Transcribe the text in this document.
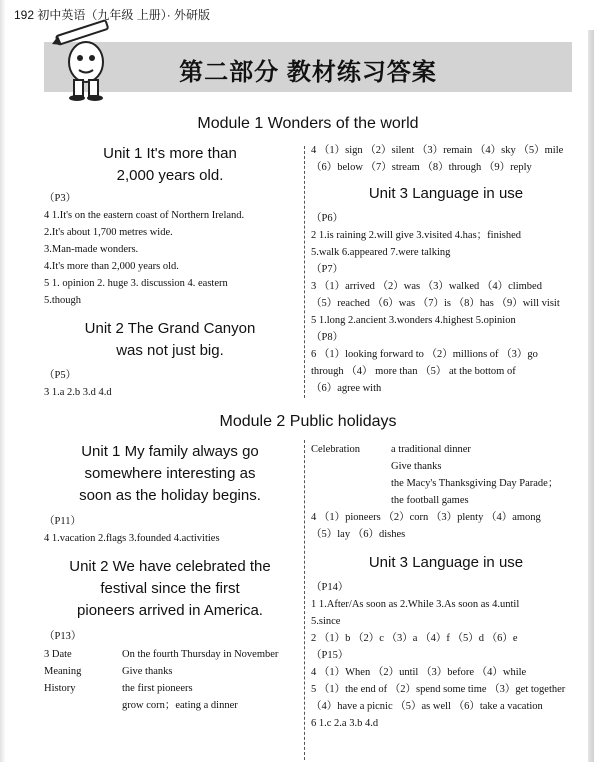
192 初中英语（九年级 上册）· 外研版
第二部分 教材练习答案
Module 1 Wonders of the world
Unit 1 It's more than
2,000 years old.
（P3）
4 1.It's on the eastern coast of Northern Ireland.
2.It's about 1,700 metres wide.
3.Man-made wonders.
4.It's more than 2,000 years old.
5 1. opinion 2. huge 3. discussion 4. eastern
5.though
Unit 2 The Grand Canyon
was not just big.
（P5）
3 1.a 2.b 3.d 4.d
4 （1）sign （2）silent （3）remain （4）sky （5）mile
（6）below （7）stream （8）through （9）reply
Unit 3 Language in use
（P6）
2 1.is raining 2.will give 3.visited 4.has；finished
5.walk 6.appeared 7.were talking
（P7）
3 （1）arrived （2）was （3）walked （4）climbed
（5）reached （6）was （7）is （8）has （9）will visit
5 1.long 2.ancient 3.wonders 4.highest 5.opinion
（P8）
6 （1）looking forward to （2）millions of （3）go
through （4） more than （5） at the bottom of
（6）agree with
Module 2 Public holidays
Unit 1 My family always go
somewhere interesting as
soon as the holiday begins.
（P11）
4 1.vacation 2.flags 3.founded 4.activities
Unit 2 We have celebrated the
festival since the first
pioneers arrived in America.
（P13）
3 Date	On the fourth Thursday in November
Meaning	Give thanks
History	the first pioneers
grow corn；eating a dinner
Celebration	a traditional dinner
Give thanks
the Macy's Thanksgiving Day Parade；
the football games
4 （1）pioneers （2）corn （3）plenty （4）among
（5）lay （6）dishes
Unit 3 Language in use
（P14）
1 1.After/As soon as 2.While 3.As soon as 4.until
5.since
2 （1）b （2）c （3）a （4）f （5）d （6）e
（P15）
4 （1）When （2）until （3）before （4）while
5 （1）the end of （2）spend some time （3）get together
（4）have a picnic （5）as well （6）take a vacation
6 1.c 2.a 3.b 4.d
